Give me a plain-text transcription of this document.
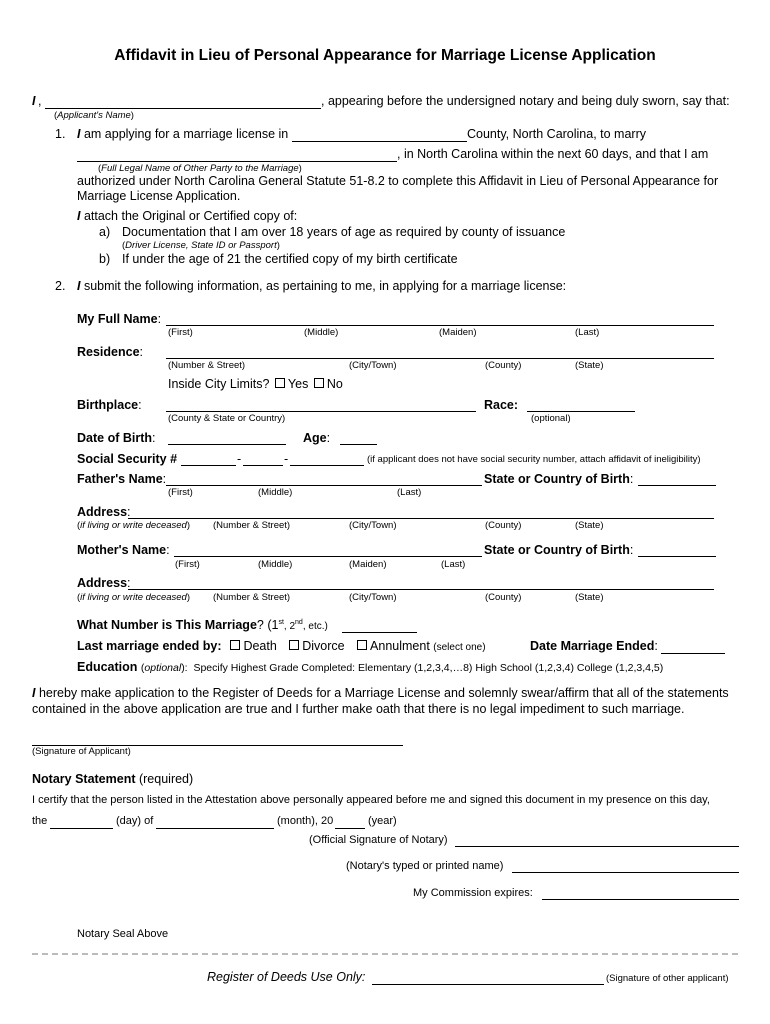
Affidavit in Lieu of Personal Appearance for Marriage License Application
I ,	, appearing before the undersigned notary and being duly sworn, say that:
(Applicant's Name)
1. I am applying for a marriage license in	County, North Carolina, to marry
, in North Carolina within the next 60 days, and that I am
(Full Legal Name of Other Party to the Marriage)
authorized under North Carolina General Statute 51-8.2 to complete this Affidavit in Lieu of Personal Appearance for
Marriage License Application.
I attach the Original or Certified copy of:
a) Documentation that I am over 18 years of age as required by county of issuance
(Driver License, State ID or Passport)
b) If under the age of 21 the certified copy of my birth certificate
2. I submit the following information, as pertaining to me, in applying for a marriage license:
My Full Name:
(First)	(Middle)	(Maiden)	(Last)
Residence:
(Number & Street)	(City/Town)	(County)	(State)
Inside City Limits? Yes No
Birthplace:
(County & State or Country)
Race:
(optional)
Date of Birth:	Age:
Social Security #	-	-	(if applicant does not have social security number, attach affidavit of ineligibility)
Father's Name:
(First)	(Middle)	(Last)
State or Country of Birth:
Address:
(if living or write deceased) (Number & Street)	(City/Town)	(County)	(State)
Mother's Name:
(First)	(Middle)	(Maiden)	(Last)
State or Country of Birth:
Address:
(if living or write deceased) (Number & Street)	(City/Town)	(County)	(State)
What Number is This Marriage? (1st, 2nd, etc.)
Last marriage ended by: Death Divorce Annulment (select one)	Date Marriage Ended:
Education (optional):  Specify Highest Grade Completed: Elementary (1,2,3,4,…8) High School (1,2,3,4) College (1,2,3,4,5)
I hereby make application to the Register of Deeds for a Marriage License and solemnly swear/affirm that all of the statements
contained in the above application are true and I further make oath that there is no legal impediment to such marriage.
(Signature of Applicant)
Notary Statement (required)
I certify that the person listed in the Attestation above personally appeared before me and signed this document in my presence on this day,
the	(day) of	(month), 20	(year)
(Official Signature of Notary)
(Notary's typed or printed name)
My Commission expires:
Notary Seal Above
Register of Deeds Use Only:	(Signature of other applicant)
